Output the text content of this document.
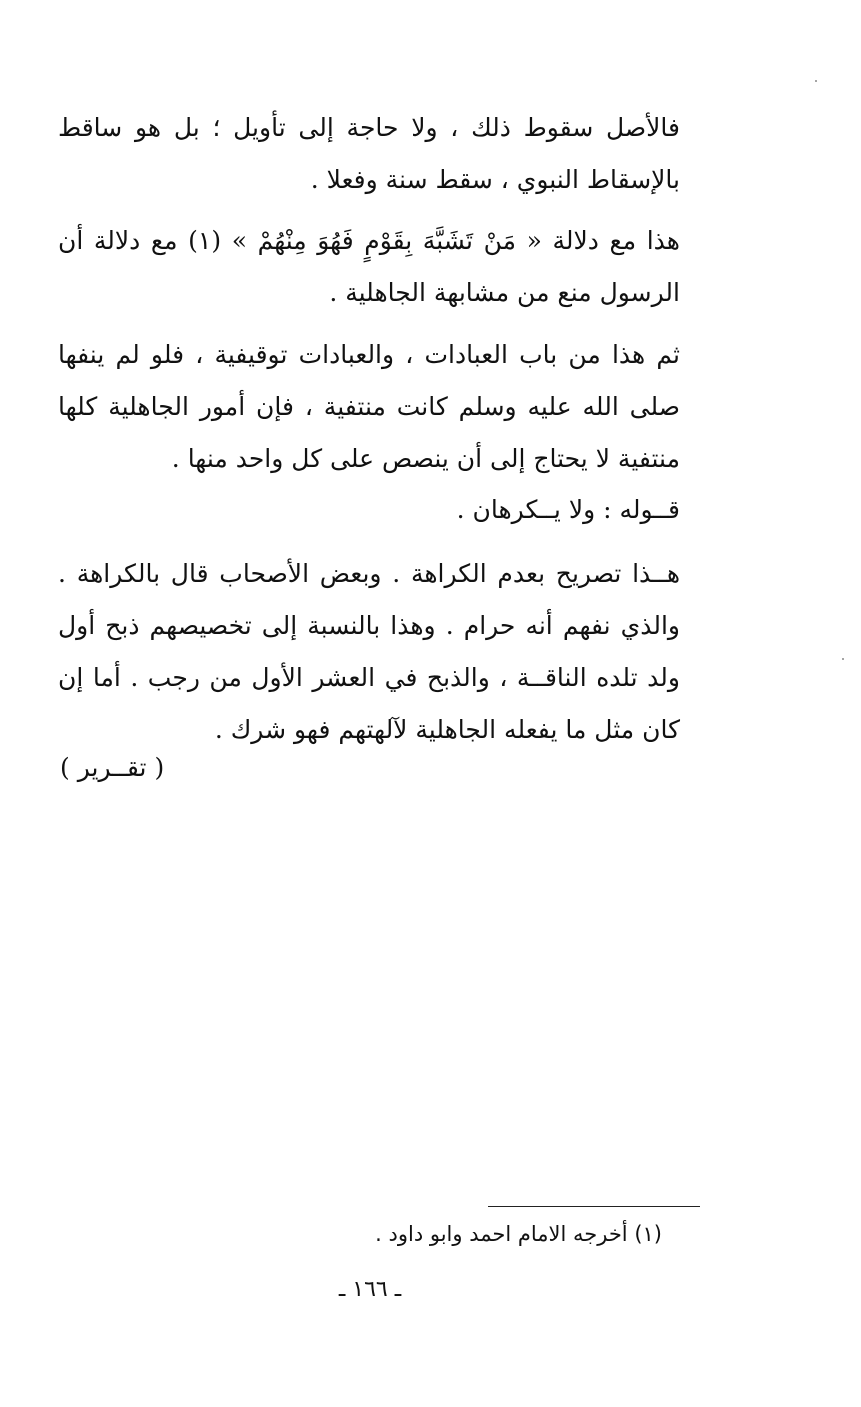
فالأصل سقوط ذلك ، ولا حاجة إلى تأويل ؛ بل هو ساقط بالإسقاط النبوي ، سقط سنة وفعلا .

هذا مع دلالة « مَنْ تَشَبَّهَ بِقَوْمٍ فَهُوَ مِنْهُمْ » (١) مع دلالة أن الرسول منع من مشابهة الجاهلية .

ثم هذا من باب العبادات ، والعبادات توقيفية ، فلو لم ينفها صلى الله عليه وسلم كانت منتفية ، فإن أمور الجاهلية كلها منتفية لا يحتاج إلى أن ينصص على كل واحد منها .

قــوله : ولا يــكرهان .

هــذا تصريح بعدم الكراهة . وبعض الأصحاب قال بالكراهة . والذي نفهم أنه حرام . وهذا بالنسبة إلى تخصيصهم ذبح أول ولد تلده الناقــة ، والذبح في العشر الأول من رجب . أما إن كان مثل ما يفعله الجاهلية لآلهتهم فهو شرك .

( تقــرير )

(١) أخرجه الامام احمد وابو داود .

ـ ١٦٦ ـ
